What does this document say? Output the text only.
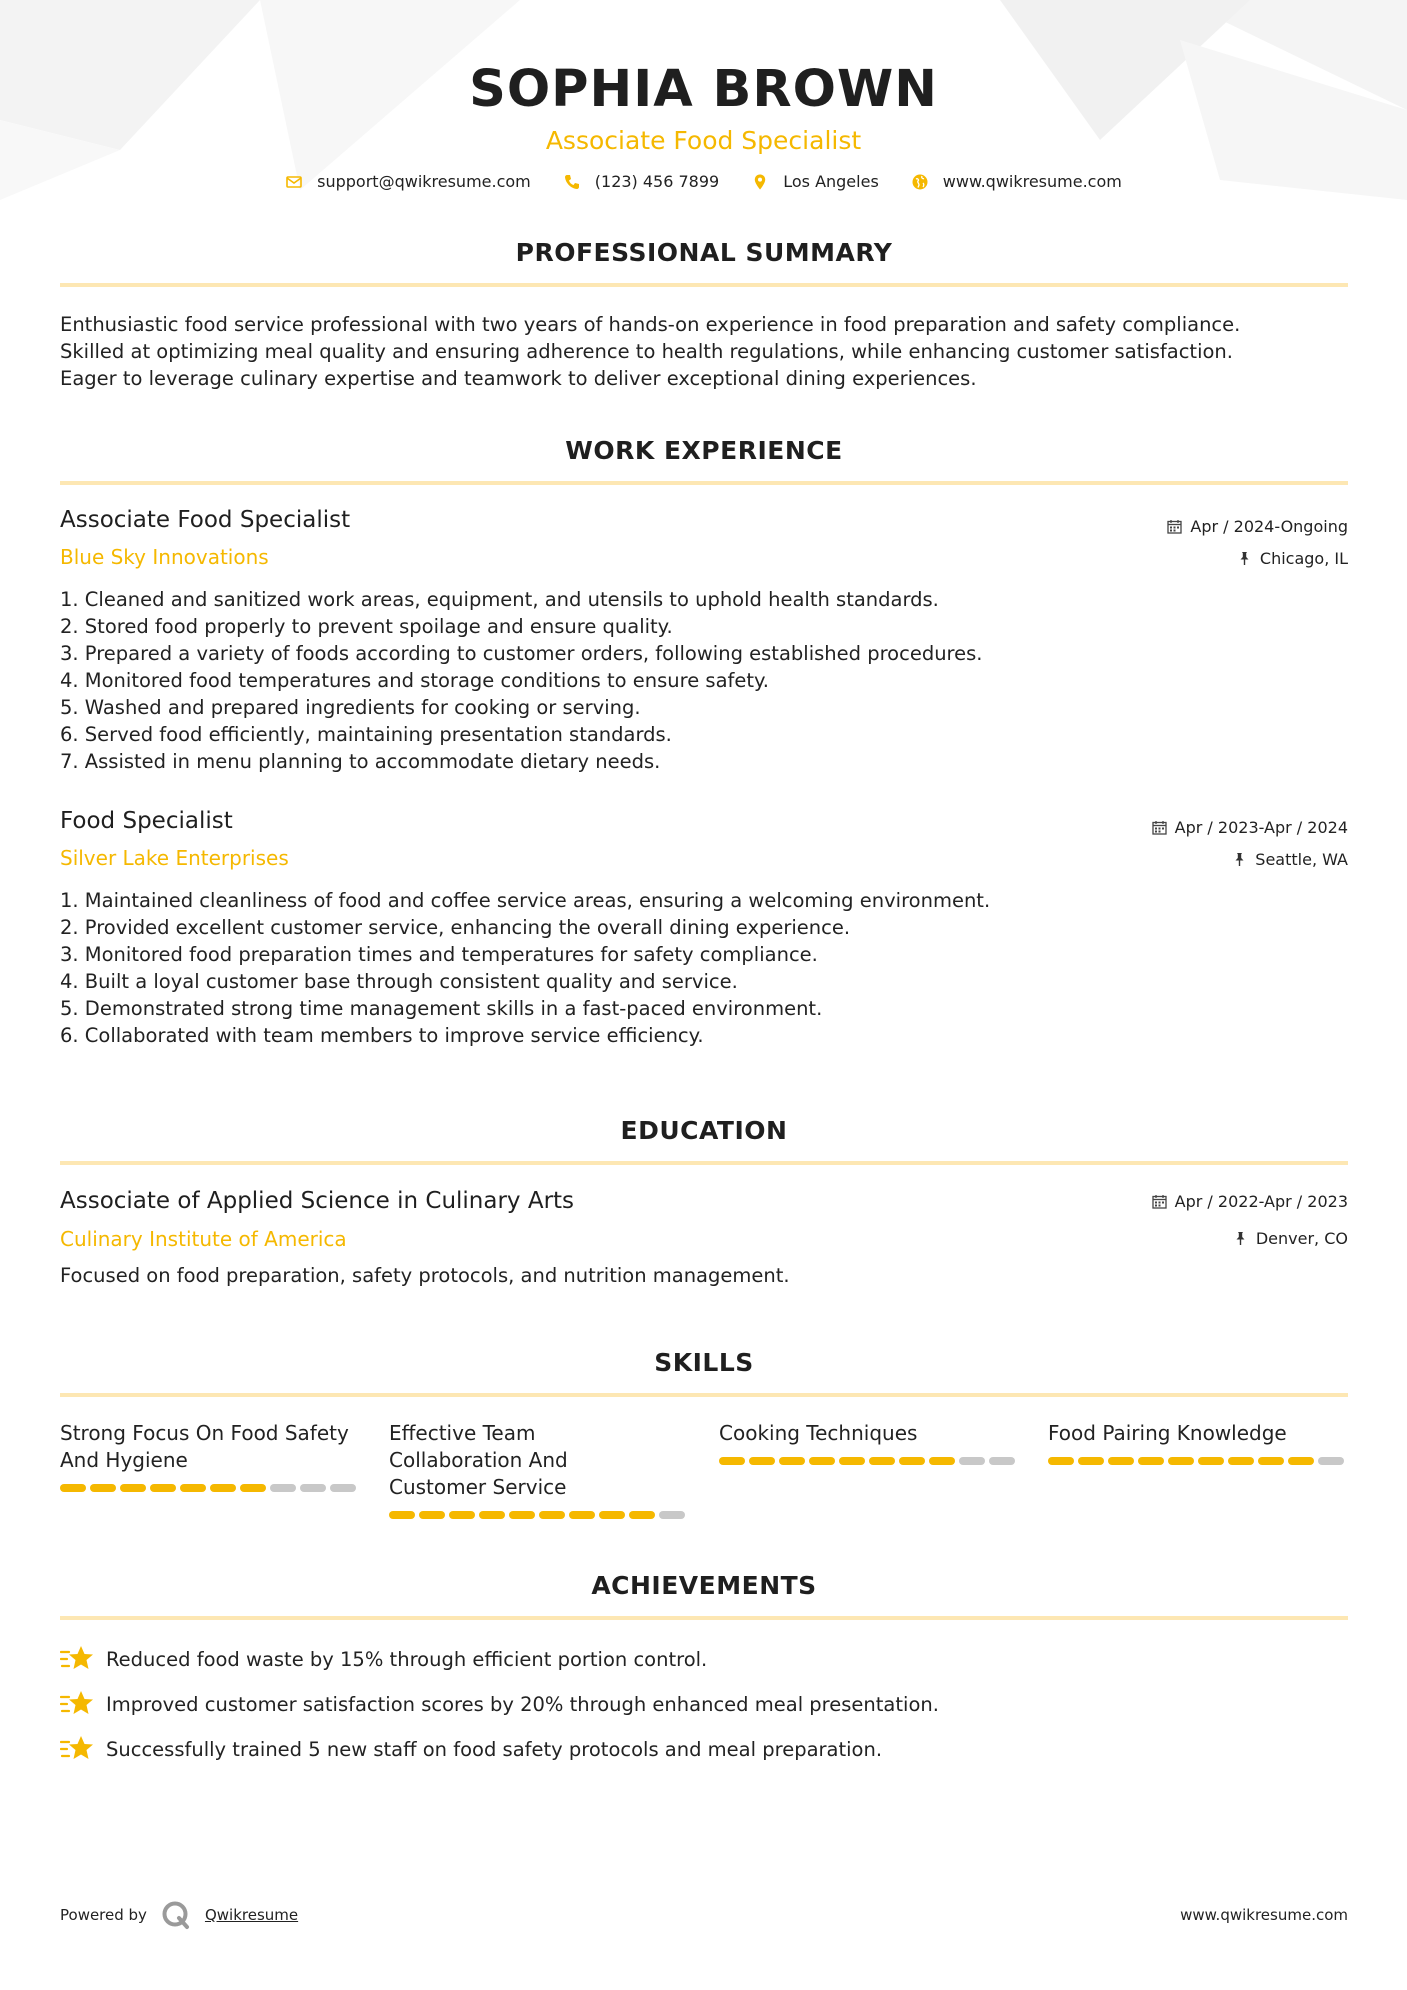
SOPHIA BROWN
Associate Food Specialist
support@qwikresume.com	(123) 456 7899	Los Angeles	www.qwikresume.com
PROFESSIONAL SUMMARY
Enthusiastic food service professional with two years of hands-on experience in food preparation and safety compliance.
Skilled at optimizing meal quality and ensuring adherence to health regulations, while enhancing customer satisfaction.
Eager to leverage culinary expertise and teamwork to deliver exceptional dining experiences.
WORK EXPERIENCE
Associate Food Specialist
Blue Sky Innovations
Apr / 2024-Ongoing
Chicago, IL
1. Cleaned and sanitized work areas, equipment, and utensils to uphold health standards.
2. Stored food properly to prevent spoilage and ensure quality.
3. Prepared a variety of foods according to customer orders, following established procedures.
4. Monitored food temperatures and storage conditions to ensure safety.
5. Washed and prepared ingredients for cooking or serving.
6. Served food efficiently, maintaining presentation standards.
7. Assisted in menu planning to accommodate dietary needs.
Food Specialist
Silver Lake Enterprises
Apr / 2023-Apr / 2024
Seattle, WA
1. Maintained cleanliness of food and coffee service areas, ensuring a welcoming environment.
2. Provided excellent customer service, enhancing the overall dining experience.
3. Monitored food preparation times and temperatures for safety compliance.
4. Built a loyal customer base through consistent quality and service.
5. Demonstrated strong time management skills in a fast-paced environment.
6. Collaborated with team members to improve service efficiency.
EDUCATION
Associate of Applied Science in Culinary Arts
Culinary Institute of America
Apr / 2022-Apr / 2023
Denver, CO
Focused on food preparation, safety protocols, and nutrition management.
SKILLS
Strong Focus On Food Safety
And Hygiene
Effective Team
Collaboration And
Customer Service
Cooking Techniques	Food Pairing Knowledge
ACHIEVEMENTS
Reduced food waste by 15% through efficient portion control.
Improved customer satisfaction scores by 20% through enhanced meal presentation.
Successfully trained 5 new staff on food safety protocols and meal preparation.
Powered by	Qwikresume	www.qwikresume.com
